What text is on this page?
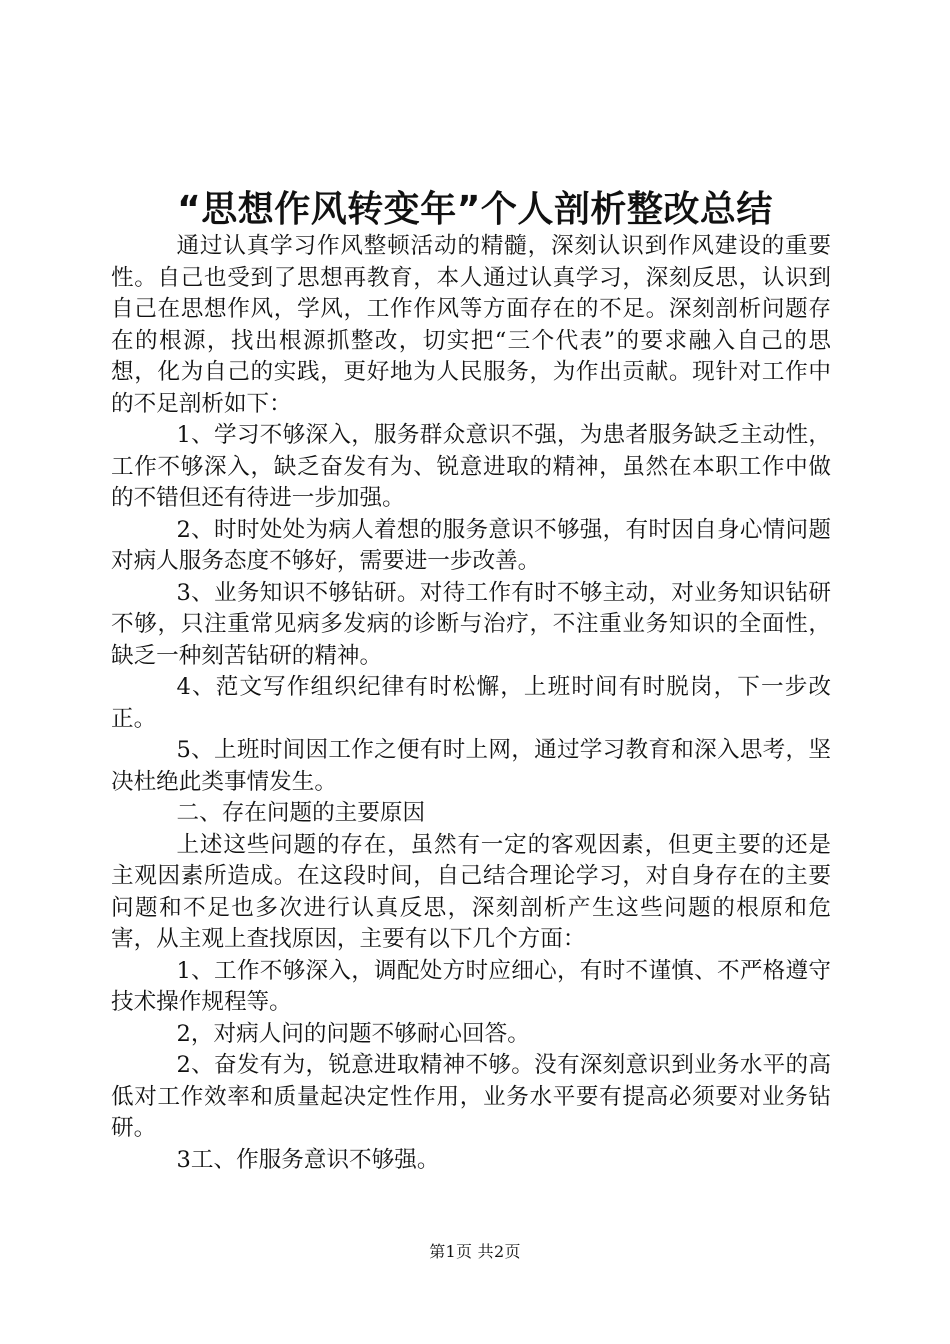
“思想作风转变年”个人剖析整改总结

通过认真学习作风整顿活动的精髓，深刻认识到作风建设的重要性。自己也受到了思想再教育，本人通过认真学习，深刻反思，认识到自己在思想作风，学风，工作作风等方面存在的不足。深刻剖析问题存在的根源，找出根源抓整改，切实把“三个代表”的要求融入自己的思想，化为自己的实践，更好地为人民服务，为作出贡献。现针对工作中的不足剖析如下：

1、学习不够深入，服务群众意识不强，为患者服务缺乏主动性，工作不够深入，缺乏奋发有为、锐意进取的精神，虽然在本职工作中做的不错但还有待进一步加强。

2、时时处处为病人着想的服务意识不够强，有时因自身心情问题对病人服务态度不够好，需要进一步改善。

3、业务知识不够钻研。对待工作有时不够主动，对业务知识钻研不够，只注重常见病多发病的诊断与治疗，不注重业务知识的全面性，缺乏一种刻苦钻研的精神。

4、范文写作组织纪律有时松懈，上班时间有时脱岗，下一步改正。

5、上班时间因工作之便有时上网，通过学习教育和深入思考，坚决杜绝此类事情发生。

二、存在问题的主要原因

上述这些问题的存在，虽然有一定的客观因素，但更主要的还是主观因素所造成。在这段时间，自己结合理论学习，对自身存在的主要问题和不足也多次进行认真反思，深刻剖析产生这些问题的根原和危害，从主观上查找原因，主要有以下几个方面：

1、工作不够深入，调配处方时应细心，有时不谨慎、不严格遵守技术操作规程等。

2，对病人问的问题不够耐心回答。

2、奋发有为，锐意进取精神不够。没有深刻意识到业务水平的高低对工作效率和质量起决定性作用，业务水平要有提高必须要对业务钻研。

3工、作服务意识不够强。

第1页 共2页
